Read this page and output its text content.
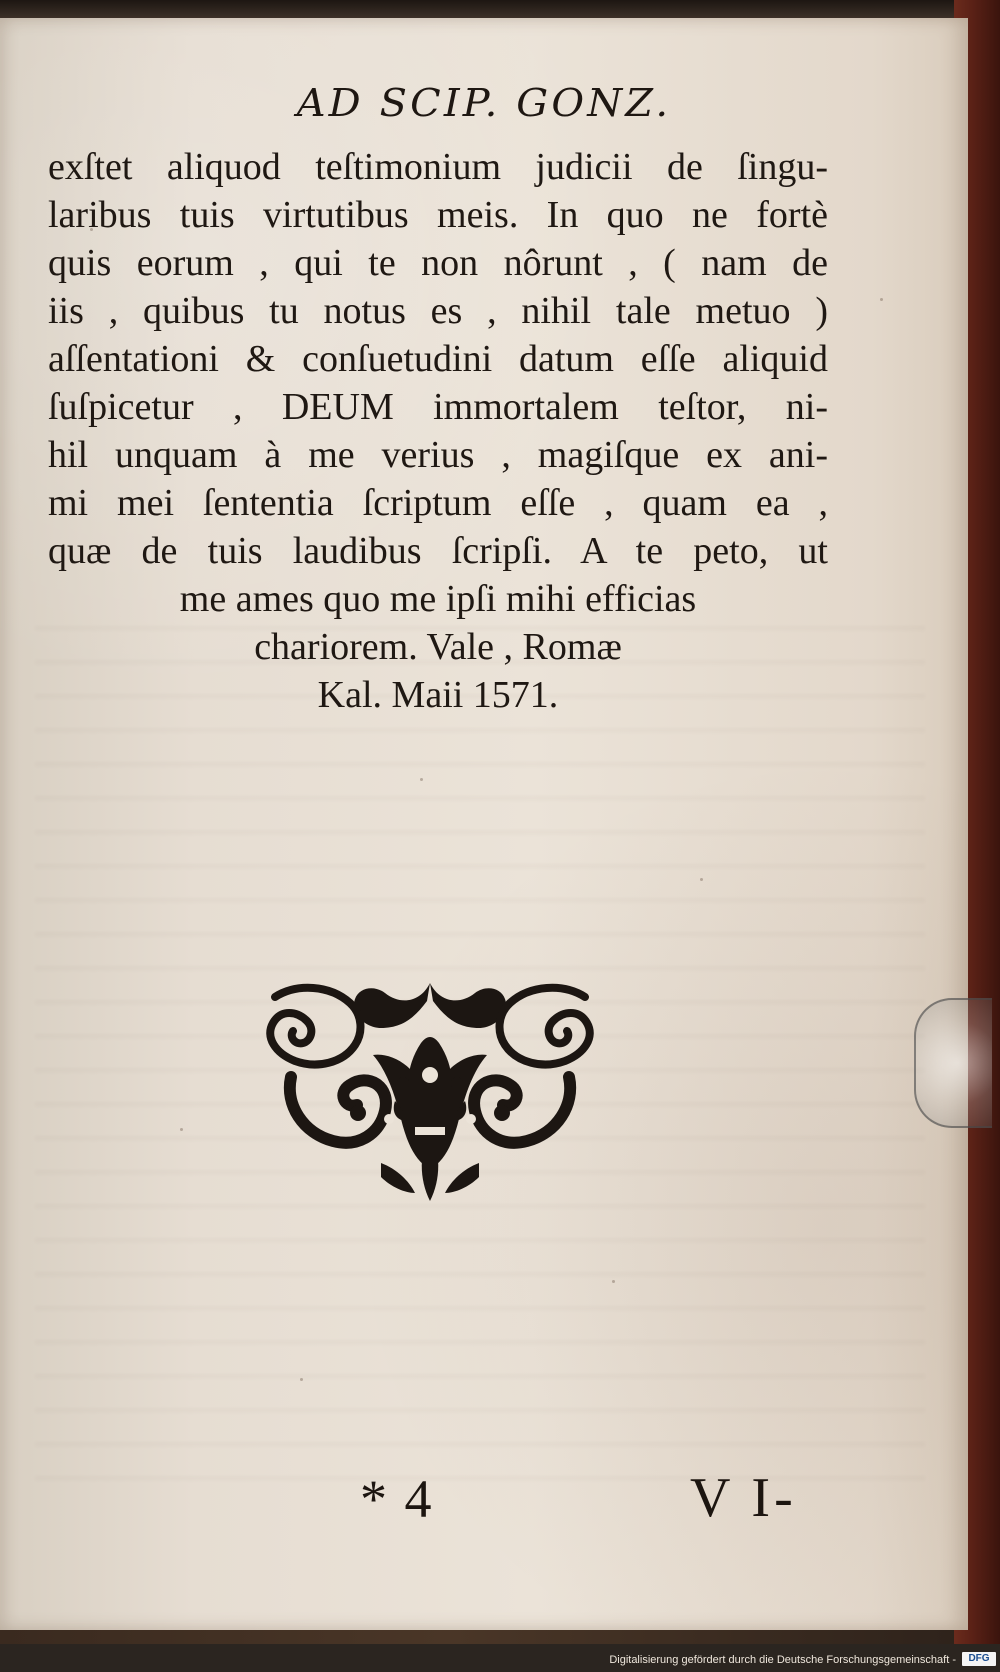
AD SCIP. GONZ.
exſtet aliquod teſtimonium judicii de ſingu-
laribus tuis virtutibus meis. In quo ne fortè
quis eorum , qui te non nôrunt , ( nam de
iis , quibus tu notus es , nihil tale metuo )
aſſentationi & conſuetudini datum eſſe aliquid
ſuſpicetur , DEUM immortalem teſtor, ni-
hil unquam à me verius , magiſque ex ani-
mi mei ſententia ſcriptum eſſe , quam ea ,
quæ de tuis laudibus ſcripſi. A te peto, ut
me ames quo me ipſi mihi efficias
chariorem. Vale , Romæ
Kal. Maii 1571.
* 4	V I-
Digitalisierung gefördert durch die Deutsche Forschungsgemeinschaft -	DFG
